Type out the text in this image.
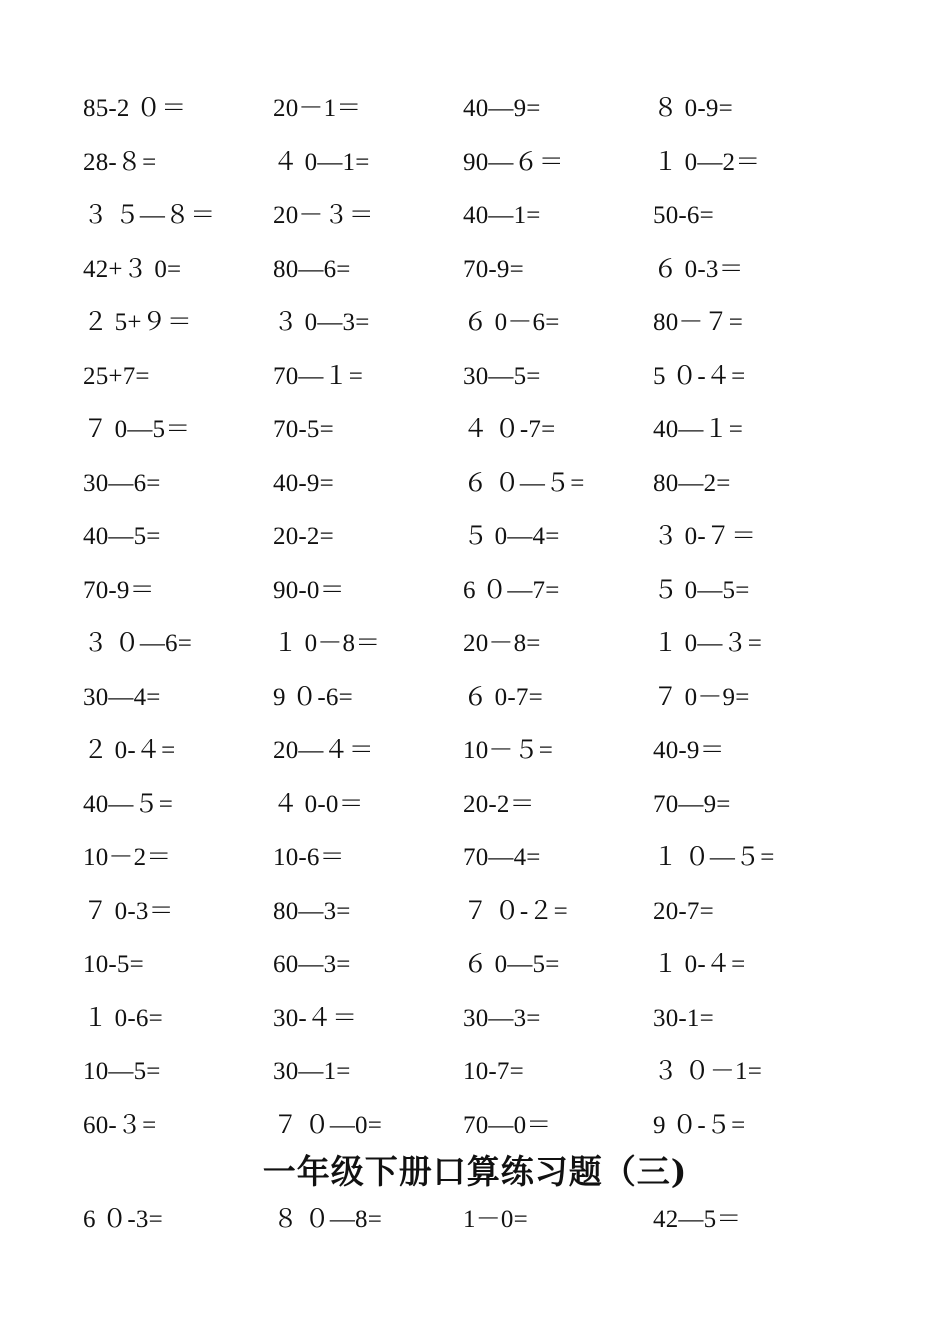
85-2 ０＝	20－1＝	40—9=	８ 0-9=
28-８=	４ 0—1=	90—６＝	１ 0—2＝
３ ５—８＝	20－３＝	40—1=	50-6=
42+３ 0=	80—6=	70-9=	６ 0-3＝
２ 5+９＝	３ 0—3=	６ 0－6=	80－７=
25+7=	70—１=	30—5=	5 ０-４=
７ 0—5＝	70-5=	４ ０-7=	40—１=
30—6=	40-9=	６ ０—５=	80—2=
40—5=	20-2=	５ 0—4=	３ 0-７＝
70-9＝	90-0＝	6 ０—7=	５ 0—5=
３ ０—6=	１ 0－8＝	20－8=	１ 0—３=
30—4=	9 ０-6=	６ 0-7=	７ 0－9=
２ 0-４=	20—４＝	10－５=	40-9＝
40—５=	４ 0-0＝	20-2＝	70—9=
10－2＝	10-6＝	70—4=	１ ０—５=
７ 0-3＝	80—3=	７ ０-２=	20-7=
10-5=	60—3=	６ 0—5=	１ 0-４=
１ 0-6=	30-４＝	30—3=	30-1=
10—5=	30—1=	10-7=	３ ０－1=
60-３=	７ ０—0=	70—0＝	9 ０-５=
一年级下册口算练习题（三)
6 ０-3=	８ ０—8=	1－0=	42—5＝
